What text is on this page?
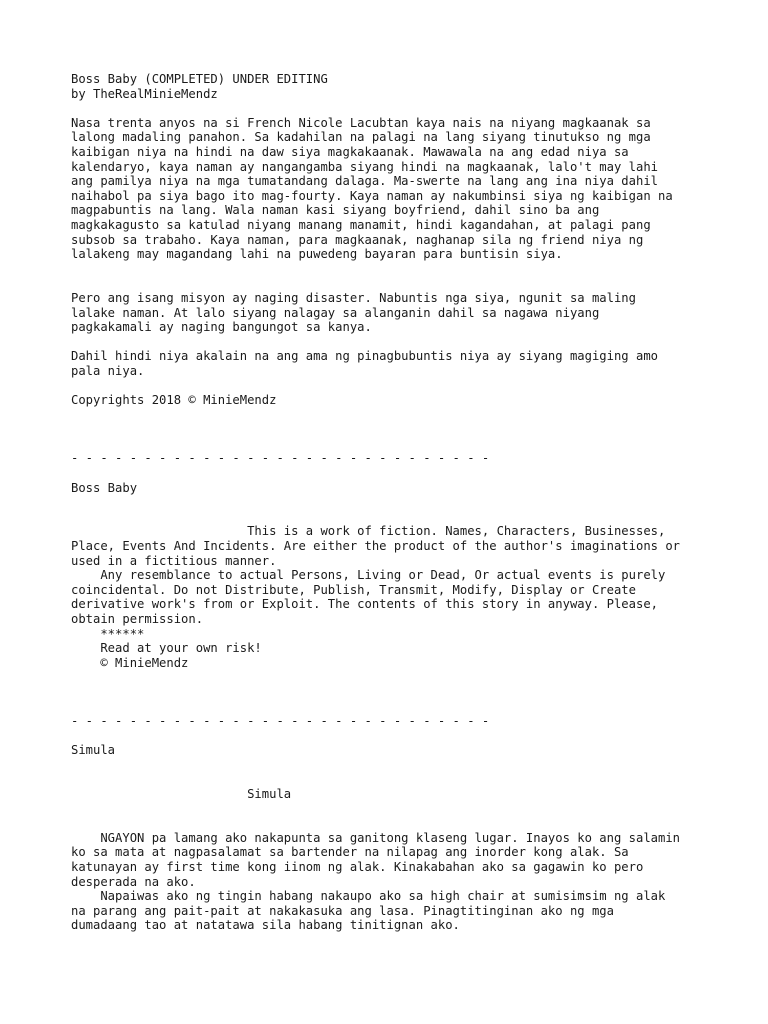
Boss Baby (COMPLETED) UNDER EDITING
by TheRealMinieMendz
Nasa trenta anyos na si French Nicole Lacubtan kaya nais na niyang magkaanak sa
lalong madaling panahon. Sa kadahilan na palagi na lang siyang tinutukso ng mga
kaibigan niya na hindi na daw siya magkakaanak. Mawawala na ang edad niya sa
kalendaryo, kaya naman ay nangangamba siyang hindi na magkaanak, lalo't may lahi
ang pamilya niya na mga tumatandang dalaga. Ma-swerte na lang ang ina niya dahil
naihabol pa siya bago ito mag-fourty. Kaya naman ay nakumbinsi siya ng kaibigan na
magpabuntis na lang. Wala naman kasi siyang boyfriend, dahil sino ba ang
magkakagusto sa katulad niyang manang manamit, hindi kagandahan, at palagi pang
subsob sa trabaho. Kaya naman, para magkaanak, naghanap sila ng friend niya ng
lalakeng may magandang lahi na puwedeng bayaran para buntisin siya.
Pero ang isang misyon ay naging disaster. Nabuntis nga siya, ngunit sa maling
lalake naman. At lalo siyang nalagay sa alanganin dahil sa nagawa niyang
pagkakamali ay naging bangungot sa kanya.
Dahil hindi niya akalain na ang ama ng pinagbubuntis niya ay siyang magiging amo
pala niya.
Copyrights 2018 © MinieMendz
- - - - - - - - - - - - - - - - - - - - - - - - - - - - -
Boss Baby
This is a work of fiction. Names, Characters, Businesses,
Place, Events And Incidents. Are either the product of the author's imaginations or
used in a fictitious manner.
Any resemblance to actual Persons, Living or Dead, Or actual events is purely
coincidental. Do not Distribute, Publish, Transmit, Modify, Display or Create
derivative work's from or Exploit. The contents of this story in anyway. Please,
obtain permission.
******
Read at your own risk!
© MinieMendz
- - - - - - - - - - - - - - - - - - - - - - - - - - - - -
Simula
Simula
NGAYON pa lamang ako nakapunta sa ganitong klaseng lugar. Inayos ko ang salamin
ko sa mata at nagpasalamat sa bartender na nilapag ang inorder kong alak. Sa
katunayan ay first time kong iinom ng alak. Kinakabahan ako sa gagawin ko pero
desperada na ako.
Napaiwas ako ng tingin habang nakaupo ako sa high chair at sumisimsim ng alak
na parang ang pait-pait at nakakasuka ang lasa. Pinagtitinginan ako ng mga
dumadaang tao at natatawa sila habang tinitignan ako.
